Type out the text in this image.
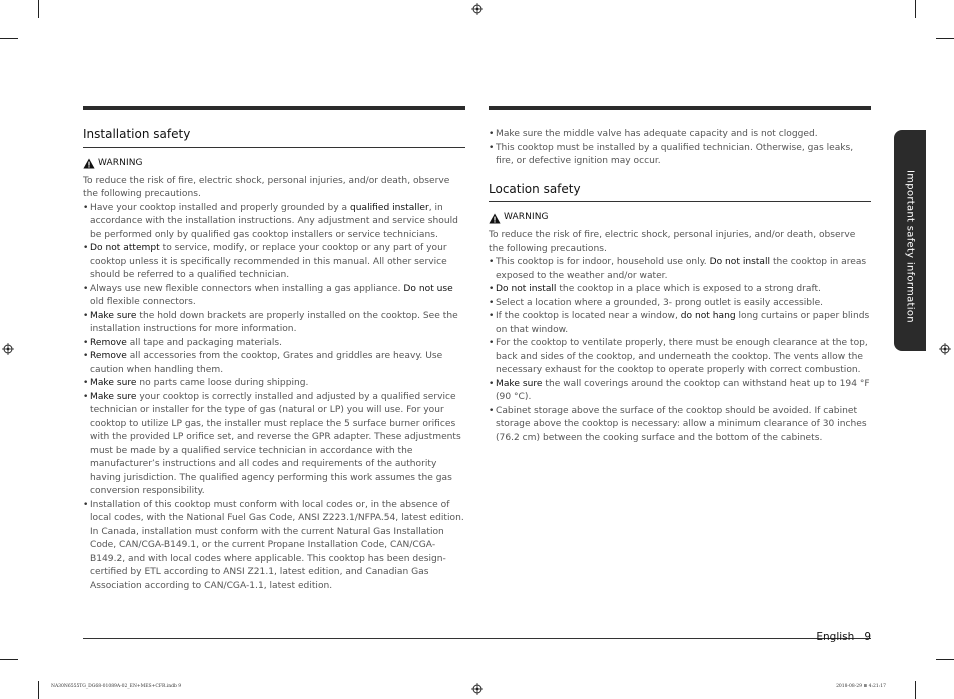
Installation safety

WARNING

To reduce the risk of fire, electric shock, personal injuries, and/or death, observe the following precautions.

• Have your cooktop installed and properly grounded by a qualified installer, in accordance with the installation instructions. Any adjustment and service should be performed only by qualified gas cooktop installers or service technicians.
• Do not attempt to service, modify, or replace your cooktop or any part of your cooktop unless it is specifically recommended in this manual. All other service should be referred to a qualified technician.
• Always use new flexible connectors when installing a gas appliance. Do not use old flexible connectors.
• Make sure the hold down brackets are properly installed on the cooktop. See the installation instructions for more information.
• Remove all tape and packaging materials.
• Remove all accessories from the cooktop, Grates and griddles are heavy. Use caution when handling them.
• Make sure no parts came loose during shipping.
• Make sure your cooktop is correctly installed and adjusted by a qualified service technician or installer for the type of gas (natural or LP) you will use. For your cooktop to utilize LP gas, the installer must replace the 5 surface burner orifices with the provided LP orifice set, and reverse the GPR adapter. These adjustments must be made by a qualified service technician in accordance with the manufacturer’s instructions and all codes and requirements of the authority having jurisdiction. The qualified agency performing this work assumes the gas conversion responsibility.
• Installation of this cooktop must conform with local codes or, in the absence of local codes, with the National Fuel Gas Code, ANSI Z223.1/NFPA.54, latest edition. In Canada, installation must conform with the current Natural Gas Installation Code, CAN/CGA-B149.1, or the current Propane Installation Code, CAN/CGA-B149.2, and with local codes where applicable. This cooktop has been design-certified by ETL according to ANSI Z21.1, latest edition, and Canadian Gas Association according to CAN/CGA-1.1, latest edition.
• Make sure the middle valve has adequate capacity and is not clogged.
• This cooktop must be installed by a qualified technician. Otherwise, gas leaks, fire, or defective ignition may occur.

Location safety

WARNING

To reduce the risk of fire, electric shock, personal injuries, and/or death, observe the following precautions.

• This cooktop is for indoor, household use only. Do not install the cooktop in areas exposed to the weather and/or water.
• Do not install the cooktop in a place which is exposed to a strong draft.
• Select a location where a grounded, 3- prong outlet is easily accessible.
• If the cooktop is located near a window, do not hang long curtains or paper blinds on that window.
• For the cooktop to ventilate properly, there must be enough clearance at the top, back and sides of the cooktop, and underneath the cooktop. The vents allow the necessary exhaust for the cooktop to operate properly with correct combustion.
• Make sure the wall coverings around the cooktop can withstand heat up to 194 °F (90 °C).
• Cabinet storage above the surface of the cooktop should be avoided. If cabinet storage above the cooktop is necessary: allow a minimum clearance of 30 inches (76.2 cm) between the cooking surface and the bottom of the cabinets.
Important safety information
English 9
NA30N6555TG_DG68-01089A-02_EN+MES+CFR.indb 9	2018-08-29 ⊞ 4:21:17
